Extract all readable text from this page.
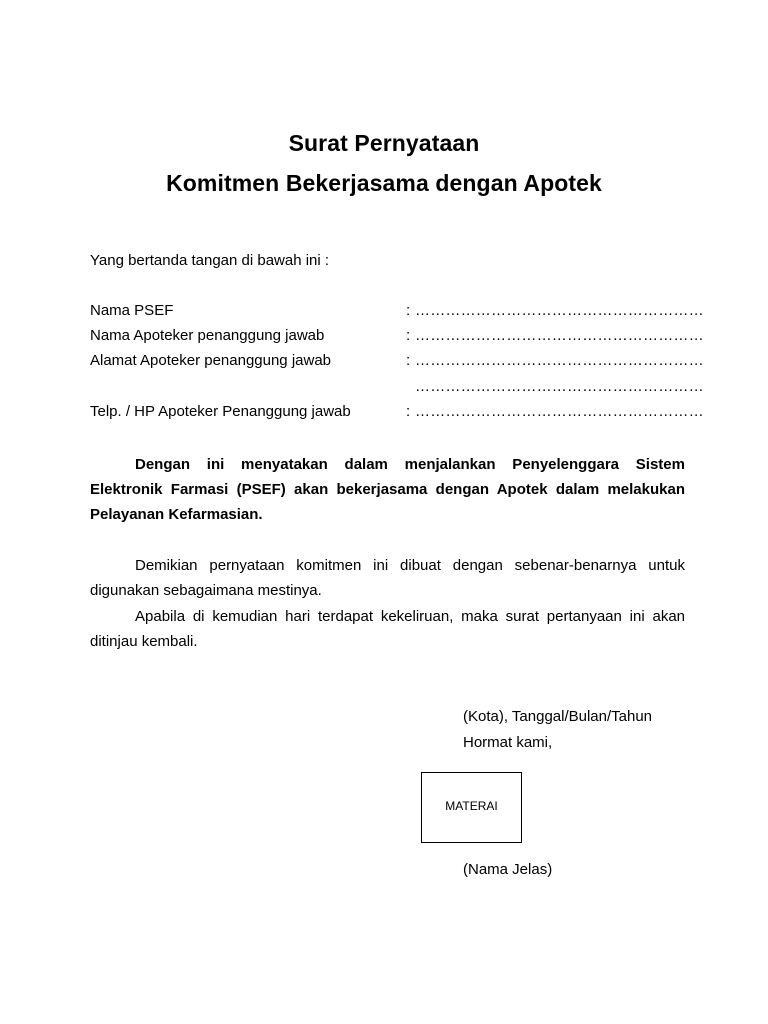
Surat Pernyataan
Komitmen Bekerjasama dengan Apotek
Yang bertanda tangan di bawah ini :
Nama PSEF	: …………………………………………………
Nama Apoteker penanggung jawab	: …………………………………………………
Alamat Apoteker penanggung jawab	: …………………………………………………
…………………………………………………
Telp. / HP Apoteker Penanggung jawab	: …………………………………………………

Dengan ini menyatakan dalam menjalankan Penyelenggara Sistem Elektronik Farmasi (PSEF) akan bekerjasama dengan Apotek dalam melakukan Pelayanan Kefarmasian.

Demikian pernyataan komitmen ini dibuat dengan sebenar-benarnya untuk digunakan sebagaimana mestinya.

Apabila di kemudian hari terdapat kekeliruan, maka surat pertanyaan ini akan ditinjau kembali.

(Kota), Tanggal/Bulan/Tahun
Hormat kami,
MATERAI
(Nama Jelas)
